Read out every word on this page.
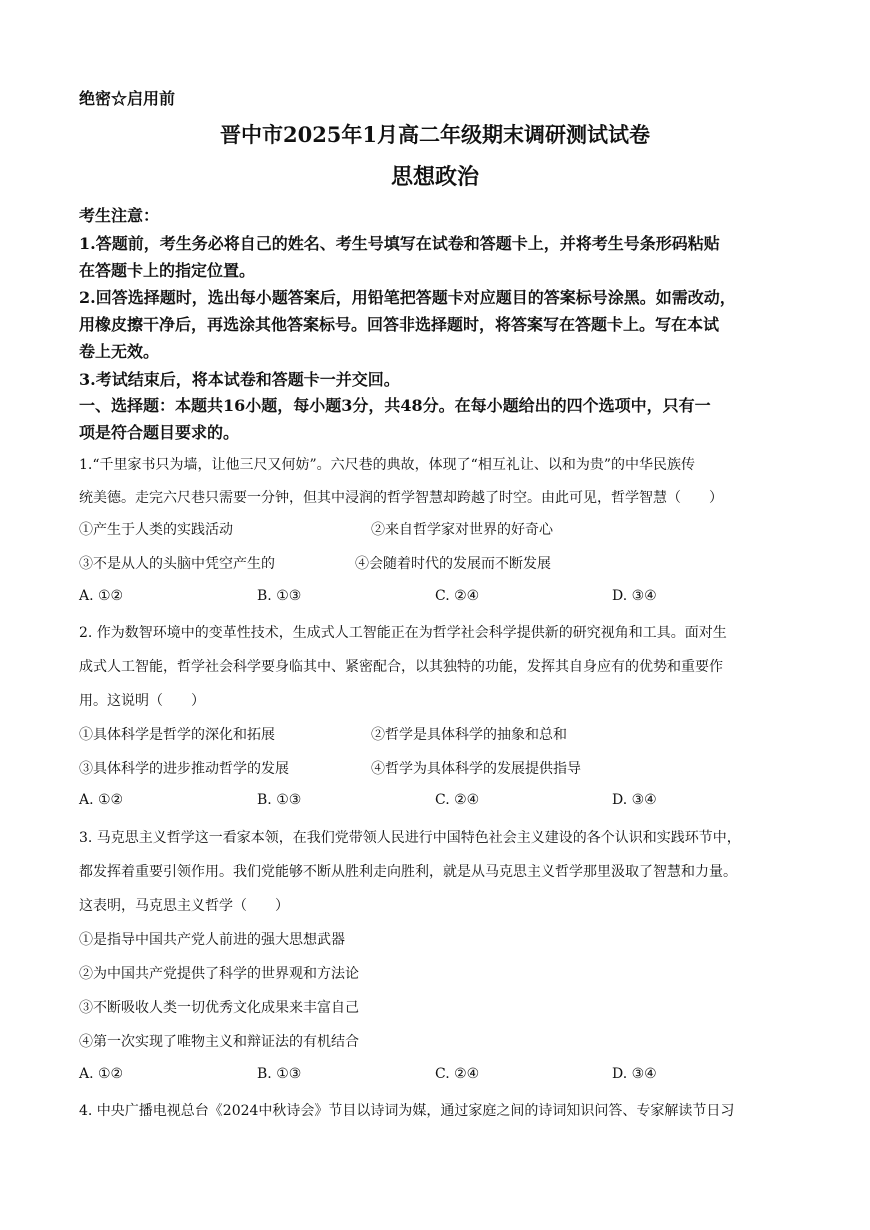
绝密☆启用前
晋中市2025年1月高二年级期末调研测试试卷
思想政治
考生注意：
1.答题前，考生务必将自己的姓名、考生号填写在试卷和答题卡上，并将考生号条形码粘贴
在答题卡上的指定位置。
2.回答选择题时，选出每小题答案后，用铅笔把答题卡对应题目的答案标号涂黑。如需改动，
用橡皮擦干净后，再选涂其他答案标号。回答非选择题时，将答案写在答题卡上。写在本试
卷上无效。
3.考试结束后，将本试卷和答题卡一并交回。
一、选择题：本题共16小题，每小题3分，共48分。在每小题给出的四个选项中，只有一
项是符合题目要求的。
1.“千里家书只为墙，让他三尺又何妨”。六尺巷的典故，体现了“相互礼让、以和为贵”的中华民族传
统美德。走完六尺巷只需要一分钟，但其中浸润的哲学智慧却跨越了时空。由此可见，哲学智慧（　　）
①产生于人类的实践活动	②来自哲学家对世界的好奇心
③不是从人的头脑中凭空产生的	④会随着时代的发展而不断发展
A. ①②	B. ①③	C. ②④	D. ③④
2. 作为数智环境中的变革性技术，生成式人工智能正在为哲学社会科学提供新的研究视角和工具。面对生
成式人工智能，哲学社会科学要身临其中、紧密配合，以其独特的功能，发挥其自身应有的优势和重要作
用。这说明（　　）
①具体科学是哲学的深化和拓展	②哲学是具体科学的抽象和总和
③具体科学的进步推动哲学的发展	④哲学为具体科学的发展提供指导
A. ①②	B. ①③	C. ②④	D. ③④
3. 马克思主义哲学这一看家本领，在我们党带领人民进行中国特色社会主义建设的各个认识和实践环节中，
都发挥着重要引领作用。我们党能够不断从胜利走向胜利，就是从马克思主义哲学那里汲取了智慧和力量。
这表明，马克思主义哲学（　　）
①是指导中国共产党人前进的强大思想武器
②为中国共产党提供了科学的世界观和方法论
③不断吸收人类一切优秀文化成果来丰富自己
④第一次实现了唯物主义和辩证法的有机结合
A. ①②	B. ①③	C. ②④	D. ③④
4. 中央广播电视总台《2024中秋诗会》节目以诗词为媒，通过家庭之间的诗词知识问答、专家解读节日习
